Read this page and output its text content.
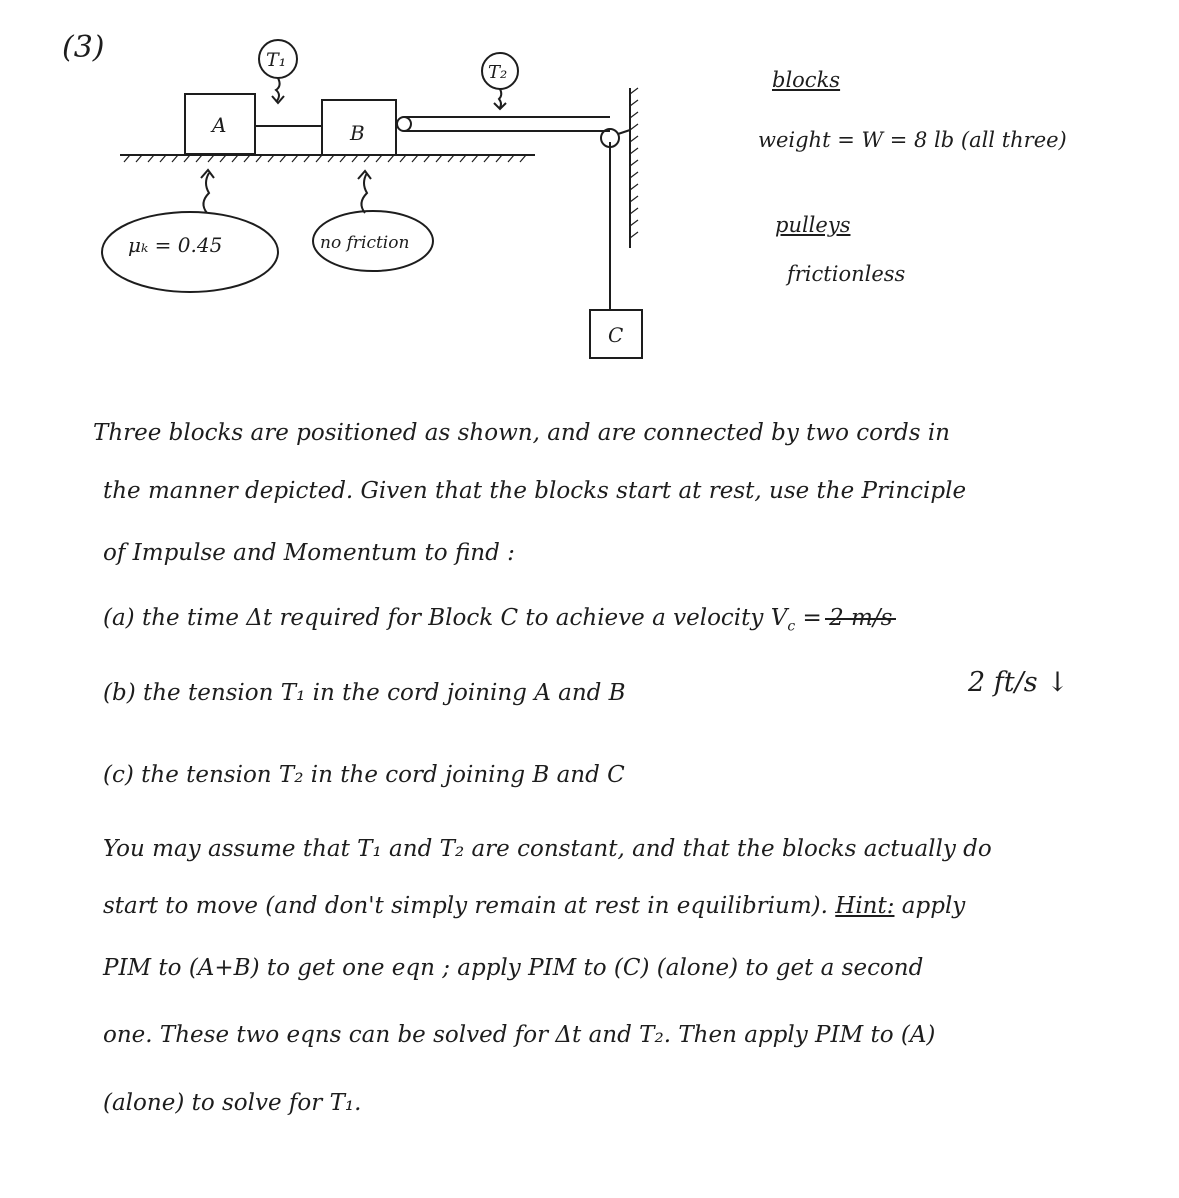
(3)
A	B
C
T₁
T₂
μₖ = 0.45	no friction
blocks
weight = W = 8 lb (all three)
pulleys
frictionless
Three blocks are positioned as shown, and are connected by two cords in
the manner depicted. Given that the blocks start at rest, use the Principle
of Impulse and Momentum to find :
(a) the time Δt required for Block C to achieve a velocity $V_c = 2$ m/s
2 ft/s ↓
(b) the tension T₁ in the cord joining A and B
(c) the tension T₂ in the cord joining B and C
You may assume that T₁ and T₂ are constant, and that the blocks actually do
start to move (and don't simply remain at rest in equilibrium). Hint: apply
PIM to (A+B) to get one eqn ; apply PIM to (C) (alone) to get a second
one. These two eqns can be solved for Δt and T₂. Then apply PIM to (A)
(alone) to solve for T₁.
